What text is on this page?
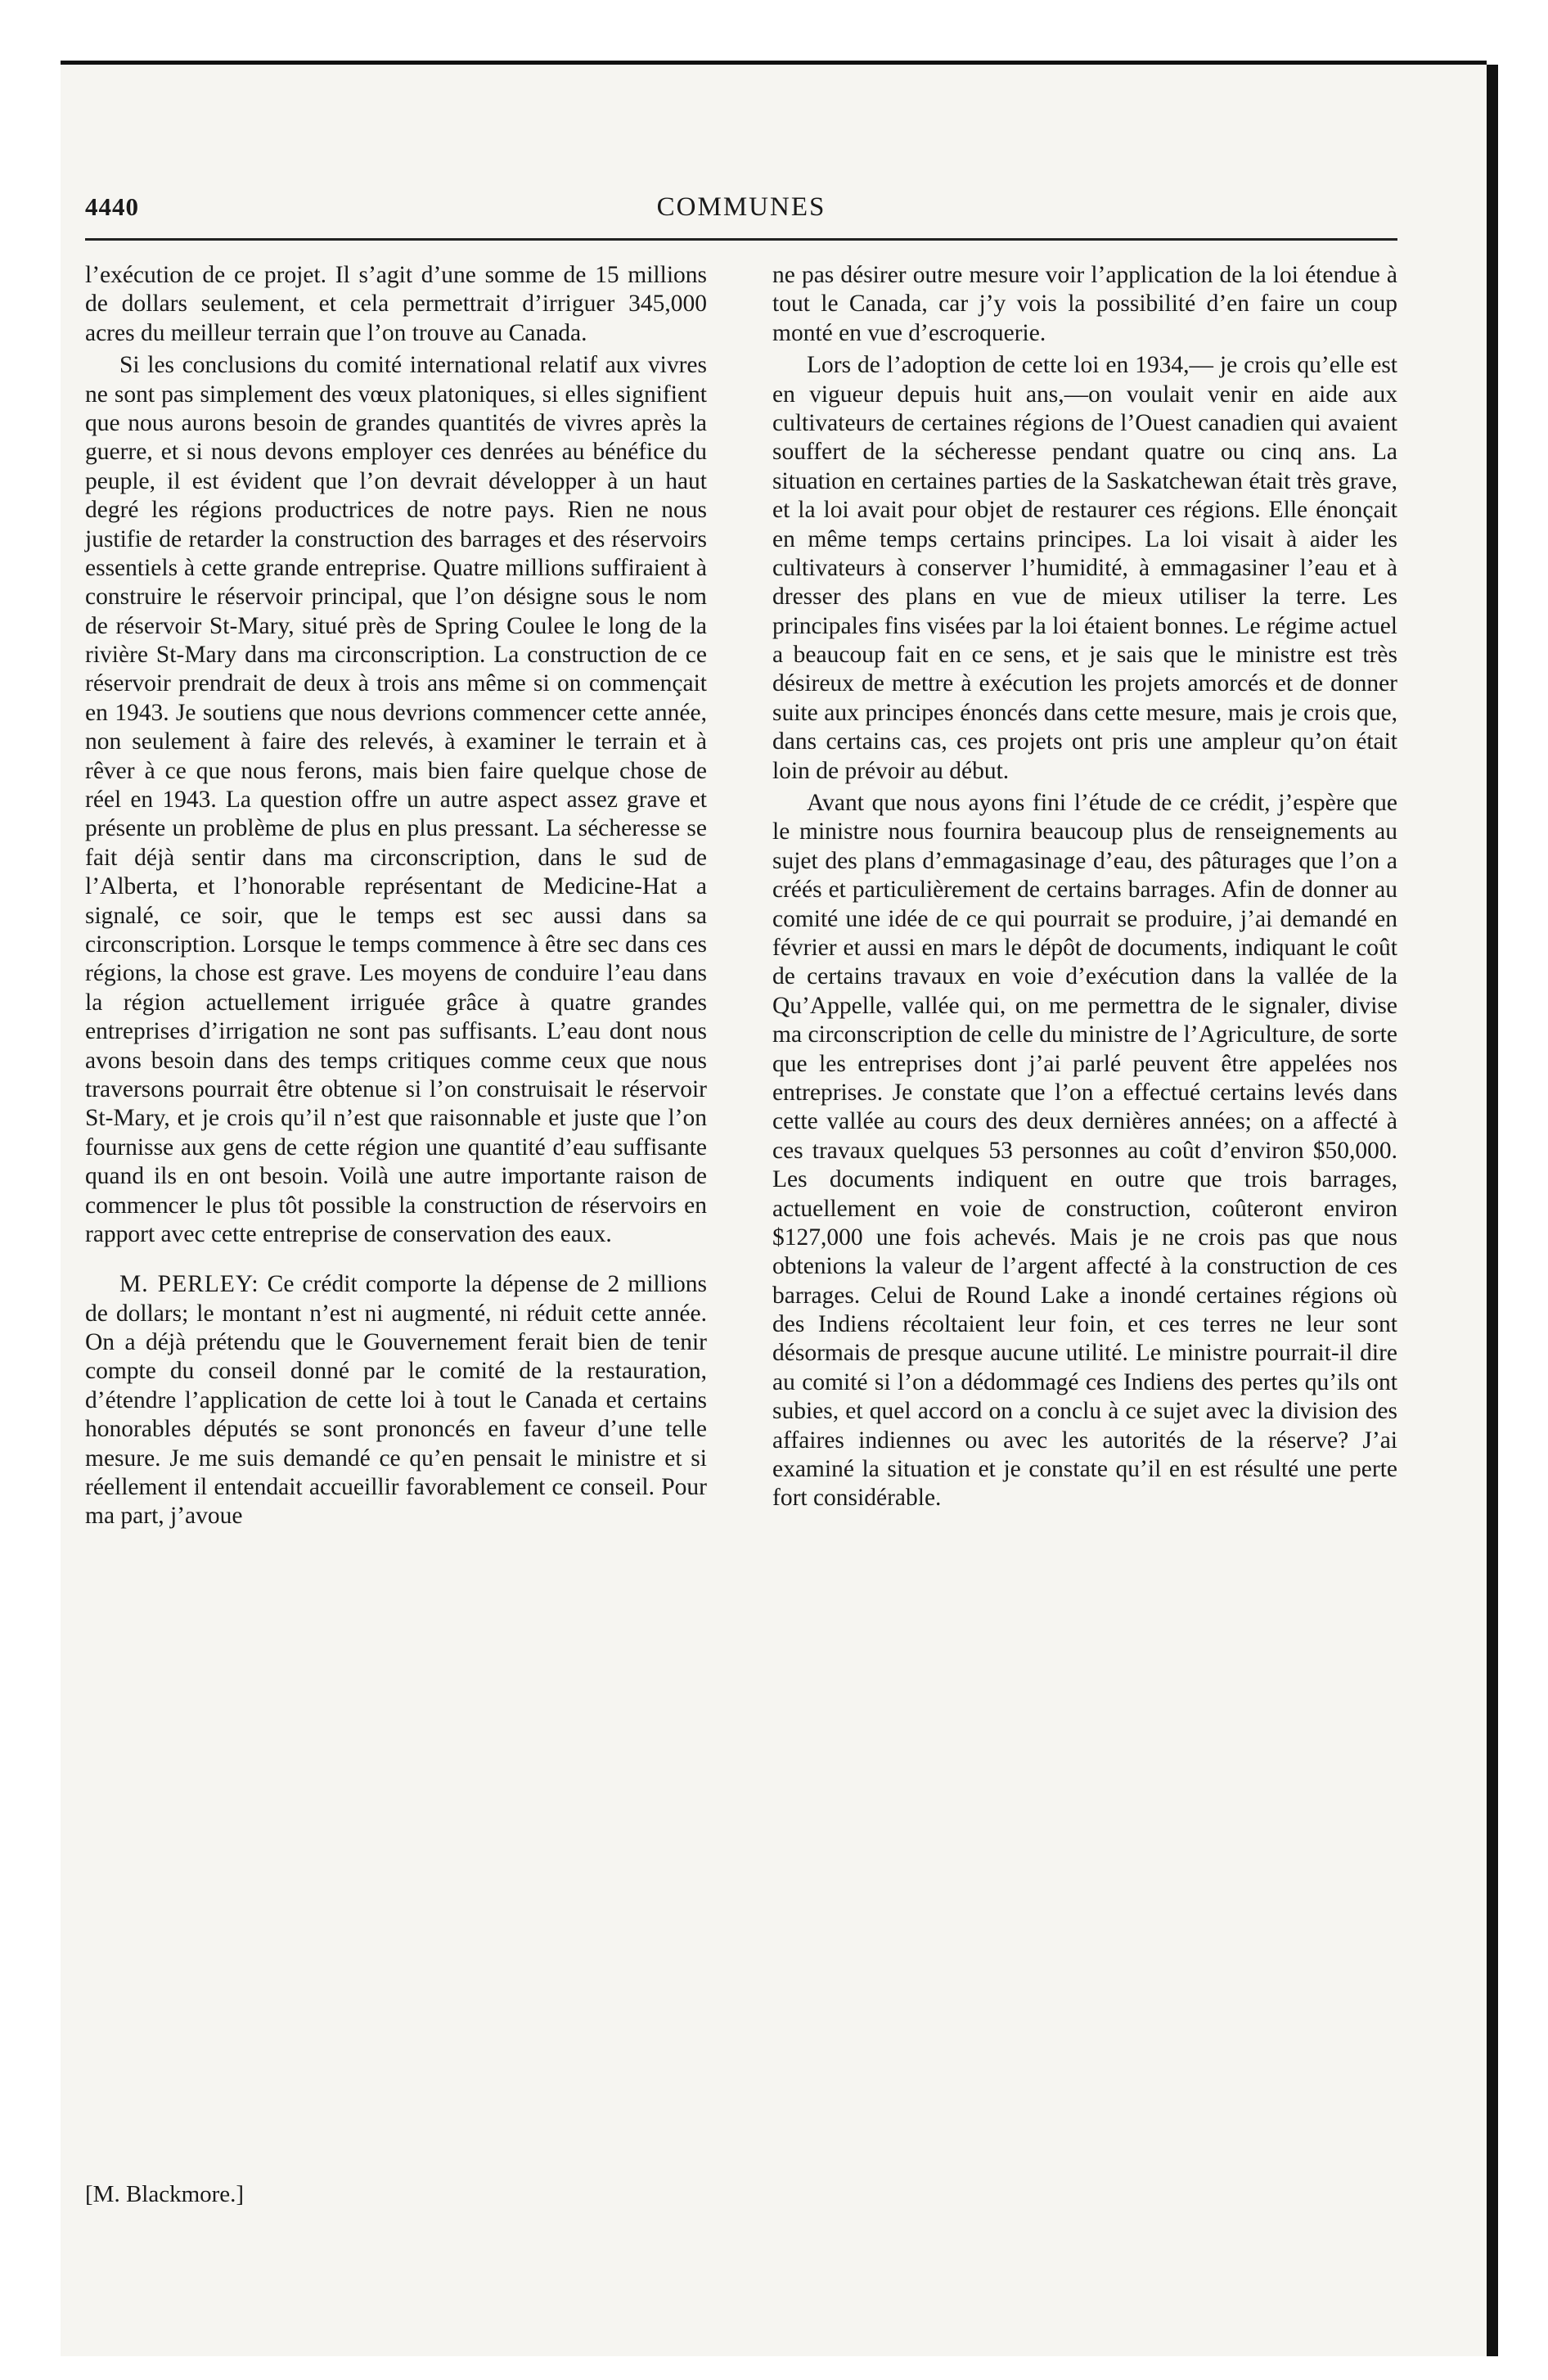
COMMUNES
4440

l’exécution de ce projet. Il s’agit d’une somme de 15 millions de dollars seulement, et cela permettrait d’irriguer 345,000 acres du meilleur terrain que l’on trouve au Canada.

Si les conclusions du comité international relatif aux vivres ne sont pas simplement des vœux platoniques, si elles signifient que nous aurons besoin de grandes quantités de vivres après la guerre, et si nous devons employer ces denrées au bénéfice du peuple, il est évident que l’on devrait développer à un haut degré les régions productrices de notre pays. Rien ne nous justifie de retarder la construction des barrages et des réservoirs essentiels à cette grande entreprise. Quatre millions suffiraient à construire le réservoir principal, que l’on désigne sous le nom de réservoir St-Mary, situé près de Spring Coulee le long de la rivière St-Mary dans ma circonscription. La construction de ce réservoir prendrait de deux à trois ans même si on commençait en 1943. Je soutiens que nous devrions commencer cette année, non seulement à faire des relevés, à examiner le terrain et à rêver à ce que nous ferons, mais bien faire quelque chose de réel en 1943. La question offre un autre aspect assez grave et présente un problème de plus en plus pressant. La sécheresse se fait déjà sentir dans ma circonscription, dans le sud de l’Alberta, et l’honorable représentant de Medicine-Hat a signalé, ce soir, que le temps est sec aussi dans sa circonscription. Lorsque le temps commence à être sec dans ces régions, la chose est grave. Les moyens de conduire l’eau dans la région actuellement irriguée grâce à quatre grandes entreprises d’irrigation ne sont pas suffisants. L’eau dont nous avons besoin dans des temps critiques comme ceux que nous traversons pourrait être obtenue si l’on construisait le réservoir St-Mary, et je crois qu’il n’est que raisonnable et juste que l’on fournisse aux gens de cette région une quantité d’eau suffisante quand ils en ont besoin. Voilà une autre importante raison de commencer le plus tôt possible la construction de réservoirs en rapport avec cette entreprise de conservation des eaux.

M. PERLEY: Ce crédit comporte la dépense de 2 millions de dollars; le montant n’est ni augmenté, ni réduit cette année. On a déjà prétendu que le Gouvernement ferait bien de tenir compte du conseil donné par le comité de la restauration, d’étendre l’application de cette loi à tout le Canada et certains honorables députés se sont prononcés en faveur d’une telle mesure. Je me suis demandé ce qu’en pensait le ministre et si réellement il entendait accueillir favorablement ce conseil. Pour ma part, j’avoue

[M. Blackmore.]

ne pas désirer outre mesure voir l’application de la loi étendue à tout le Canada, car j’y vois la possibilité d’en faire un coup monté en vue d’escroquerie.

Lors de l’adoption de cette loi en 1934,— je crois qu’elle est en vigueur depuis huit ans,—on voulait venir en aide aux cultivateurs de certaines régions de l’Ouest canadien qui avaient souffert de la sécheresse pendant quatre ou cinq ans. La situation en certaines parties de la Saskatchewan était très grave, et la loi avait pour objet de restaurer ces régions. Elle énonçait en même temps certains principes. La loi visait à aider les cultivateurs à conserver l’humidité, à emmagasiner l’eau et à dresser des plans en vue de mieux utiliser la terre. Les principales fins visées par la loi étaient bonnes. Le régime actuel a beaucoup fait en ce sens, et je sais que le ministre est très désireux de mettre à exécution les projets amorcés et de donner suite aux principes énoncés dans cette mesure, mais je crois que, dans certains cas, ces projets ont pris une ampleur qu’on était loin de prévoir au début.

Avant que nous ayons fini l’étude de ce crédit, j’espère que le ministre nous fournira beaucoup plus de renseignements au sujet des plans d’emmagasinage d’eau, des pâturages que l’on a créés et particulièrement de certains barrages. Afin de donner au comité une idée de ce qui pourrait se produire, j’ai demandé en février et aussi en mars le dépôt de documents, indiquant le coût de certains travaux en voie d’exécution dans la vallée de la Qu’Appelle, vallée qui, on me permettra de le signaler, divise ma circonscription de celle du ministre de l’Agriculture, de sorte que les entreprises dont j’ai parlé peuvent être appelées nos entreprises. Je constate que l’on a effectué certains levés dans cette vallée au cours des deux dernières années; on a affecté à ces travaux quelques 53 personnes au coût d’environ $50,000. Les documents indiquent en outre que trois barrages, actuellement en voie de construction, coûteront environ $127,000 une fois achevés. Mais je ne crois pas que nous obtenions la valeur de l’argent affecté à la construction de ces barrages. Celui de Round Lake a inondé certaines régions où des Indiens récoltaient leur foin, et ces terres ne leur sont désormais de presque aucune utilité. Le ministre pourrait-il dire au comité si l’on a dédommagé ces Indiens des pertes qu’ils ont subies, et quel accord on a conclu à ce sujet avec la division des affaires indiennes ou avec les autorités de la réserve? J’ai examiné la situation et je constate qu’il en est résulté une perte fort considérable.
